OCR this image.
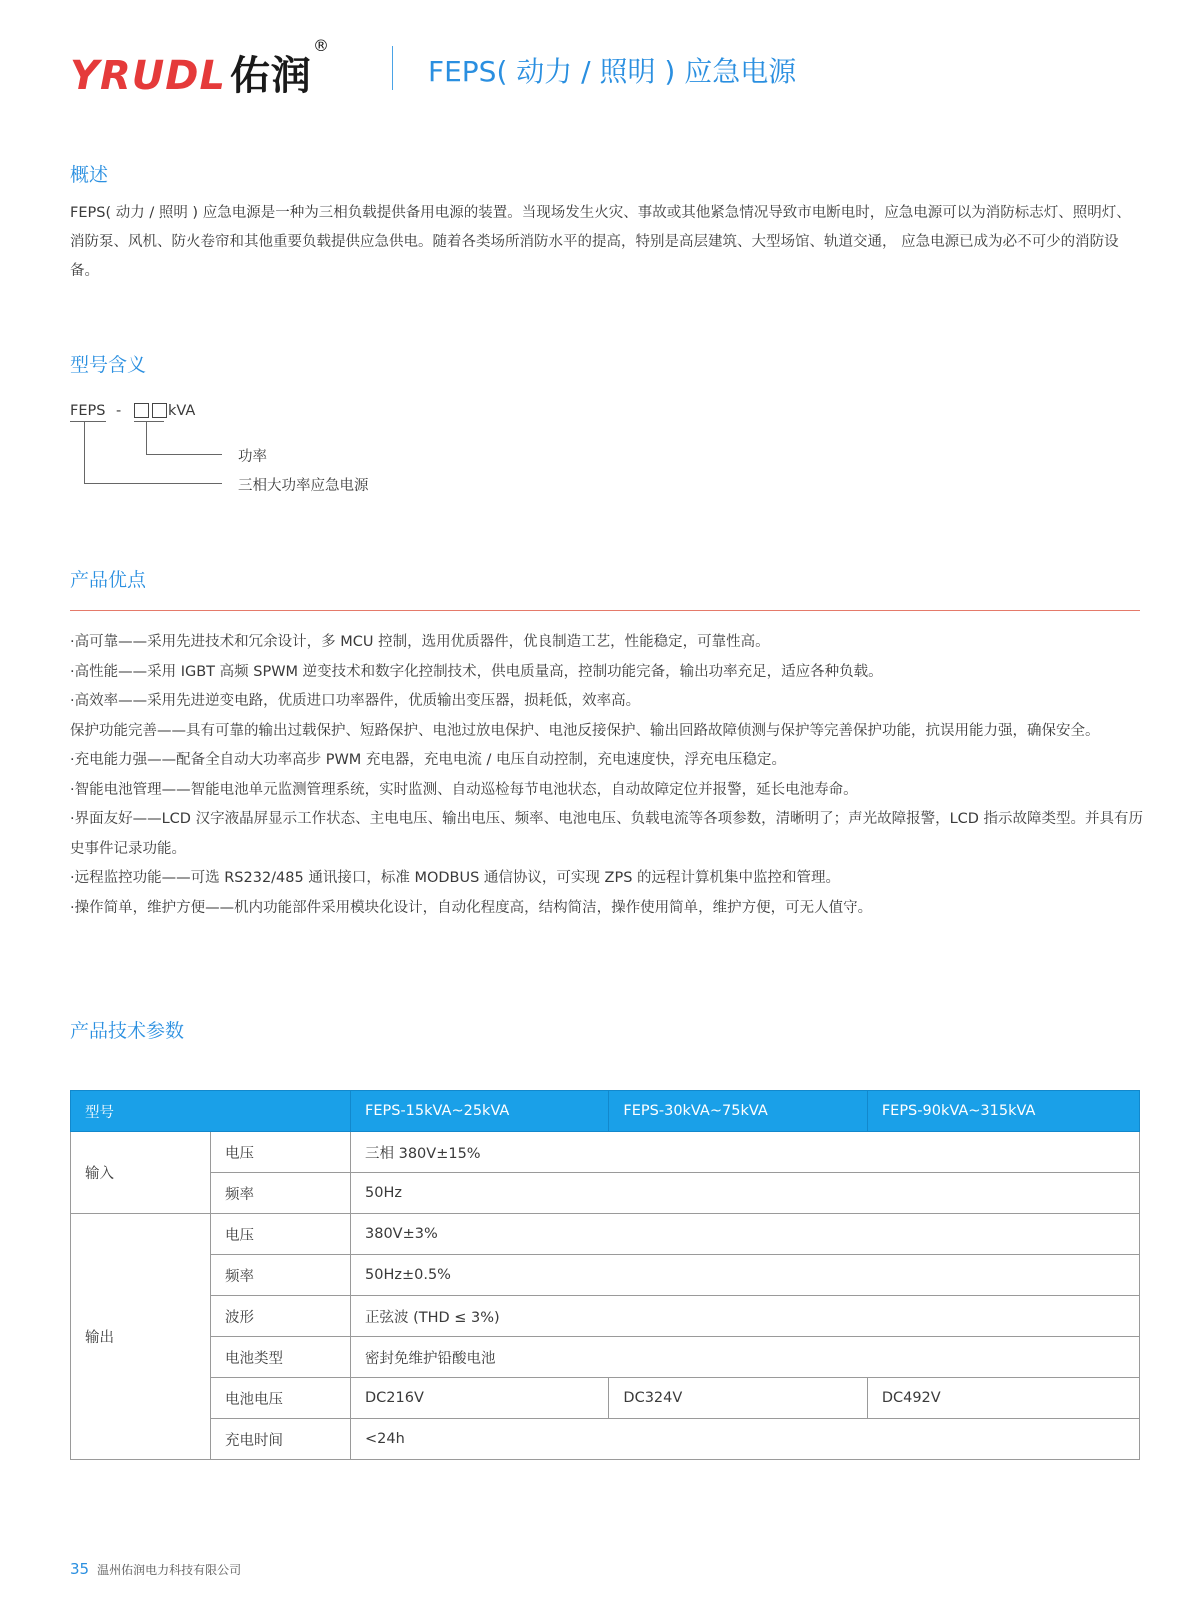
YRUDL 佑润
®
FEPS( 动力 / 照明 ) 应急电源
概述
FEPS( 动力 / 照明 ) 应急电源是一种为三相负载提供备用电源的装置。当现场发生火灾、事故或其他紧急情况导致市电断电时，应急电源可以为消防标志灯、照明灯、消防泵、风机、防火卷帘和其他重要负载提供应急供电。随着各类场所消防水平的提高，特别是高层建筑、大型场馆、轨道交通， 应急电源已成为必不可少的消防设备。
型号含义
FEPS -	kVA
功率
三相大功率应急电源
产品优点
·高可靠——采用先进技术和冗余设计，多 MCU 控制，选用优质器件，优良制造工艺，性能稳定，可靠性高。
·高性能——采用 IGBT 高频 SPWM 逆变技术和数字化控制技术，供电质量高，控制功能完备，输出功率充足，适应各种负载。
·高效率——采用先进逆变电路，优质进口功率器件，优质输出变压器，损耗低，效率高。
保护功能完善——具有可靠的输出过载保护、短路保护、电池过放电保护、电池反接保护、输出回路故障侦测与保护等完善保护功能，抗误用能力强，确保安全。
·充电能力强——配备全自动大功率高步 PWM 充电器，充电电流 / 电压自动控制，充电速度快，浮充电压稳定。
·智能电池管理——智能电池单元监测管理系统，实时监测、自动巡检每节电池状态，自动故障定位并报警，延长电池寿命。
·界面友好——LCD 汉字液晶屏显示工作状态、主电电压、输出电压、频率、电池电压、负载电流等各项参数，清晰明了；声光故障报警，LCD 指示故障类型。并具有历史事件记录功能。
·远程监控功能——可选 RS232/485 通讯接口，标准 MODBUS 通信协议，可实现 ZPS 的远程计算机集中监控和管理。
·操作简单，维护方便——机内功能部件采用模块化设计，自动化程度高，结构简洁，操作使用简单，维护方便，可无人值守。
产品技术参数
型号		FEPS-15kVA~25kVA	FEPS-30kVA~75kVA	FEPS-90kVA~315kVA
输入	电压	三相 380V±15%		
	频率	50Hz		
输出	电压	380V±3%		
	频率	50Hz±0.5%		
	波形	正弦波 (THD ≤ 3%)		
	电池类型	密封免维护铅酸电池		
	电池电压	DC216V	DC324V	DC492V
	充电时间	<24h		
35 温州佑润电力科技有限公司
